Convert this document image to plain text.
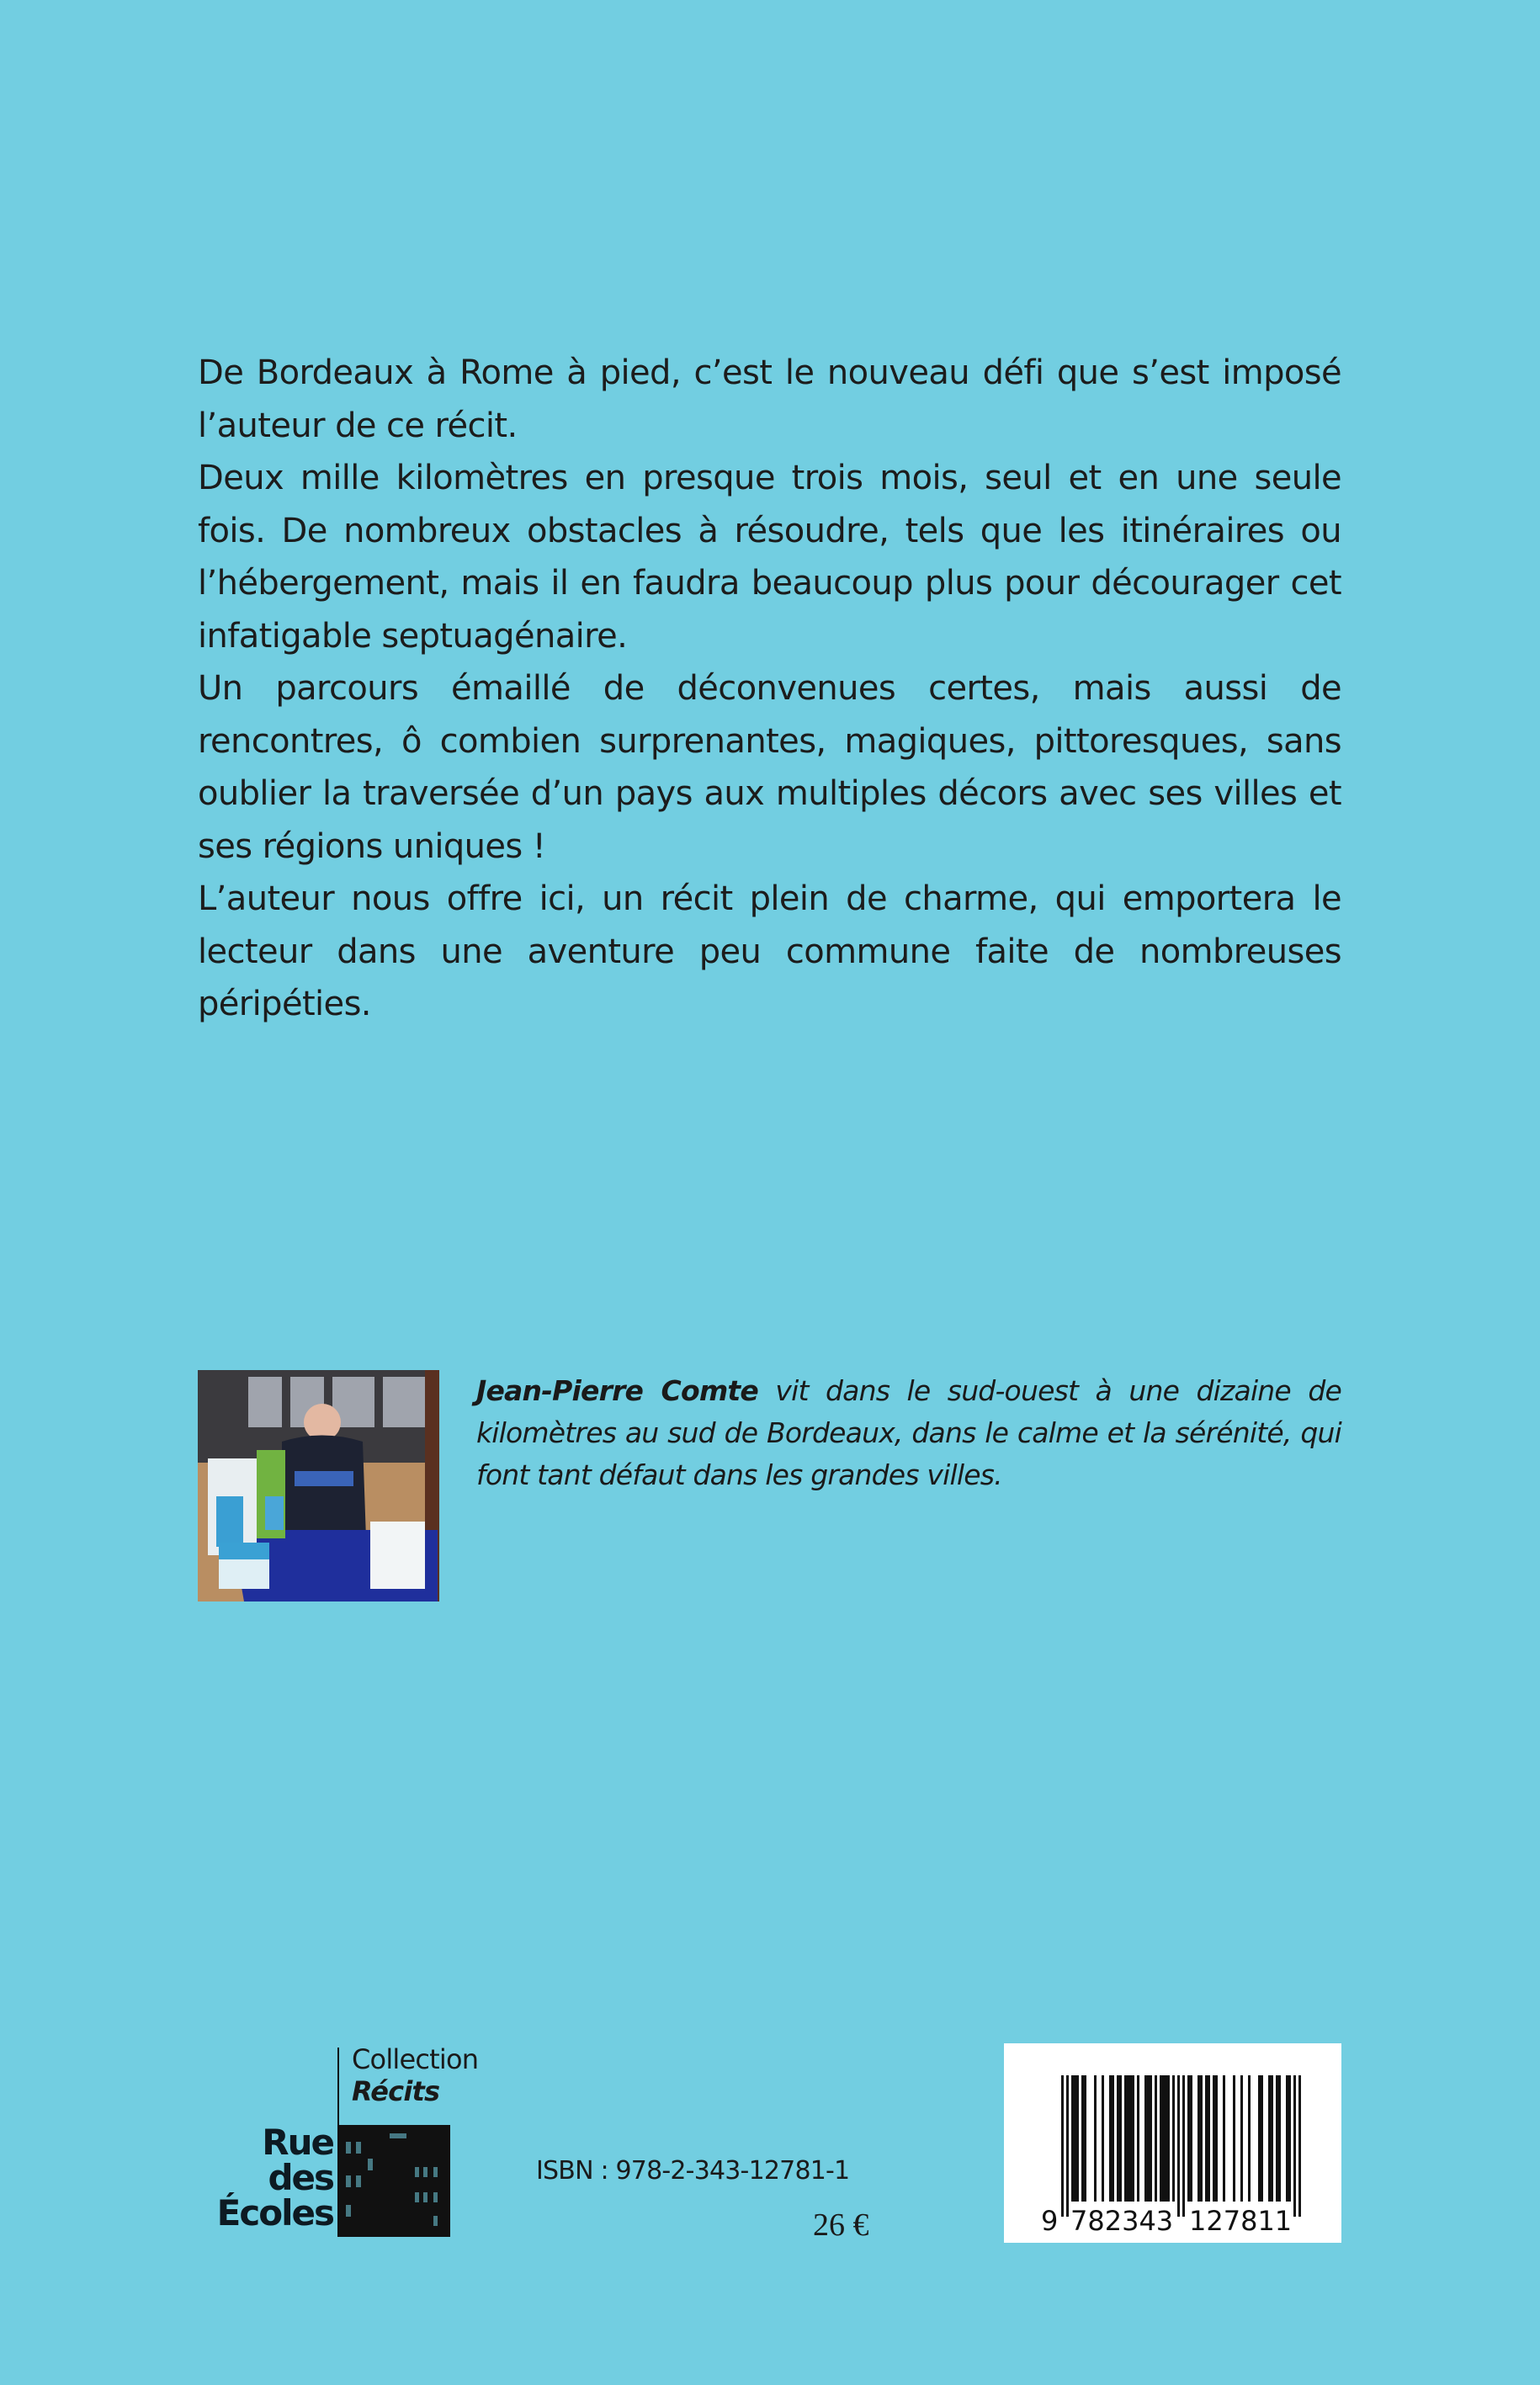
De Bordeaux à Rome à pied, c’est le nouveau défi que s’est imposé l’auteur de ce récit.

Deux mille kilomètres en presque trois mois, seul et en une seule fois. De nombreux obstacles à résoudre, tels que les itinéraires ou l’hébergement, mais il en faudra beaucoup plus pour décourager cet infatigable septuagénaire.

Un parcours émaillé de déconvenues certes, mais aussi de rencontres, ô combien surprenantes, magiques, pittoresques, sans oublier la traversée d’un pays aux multiples décors avec ses villes et ses régions uniques !

L’auteur nous offre ici, un récit plein de charme, qui emportera le lecteur dans une aventure peu commune faite de nombreuses péripéties.

Jean-Pierre Comte vit dans le sud-ouest à une dizaine de kilomètres au sud de Bordeaux, dans le calme et la sérénité, qui font tant défaut dans les grandes villes.
Collection
Récits
Rue
des
Écoles
ISBN : 978-2-343-12781-1
26 €	9 782343 127811
